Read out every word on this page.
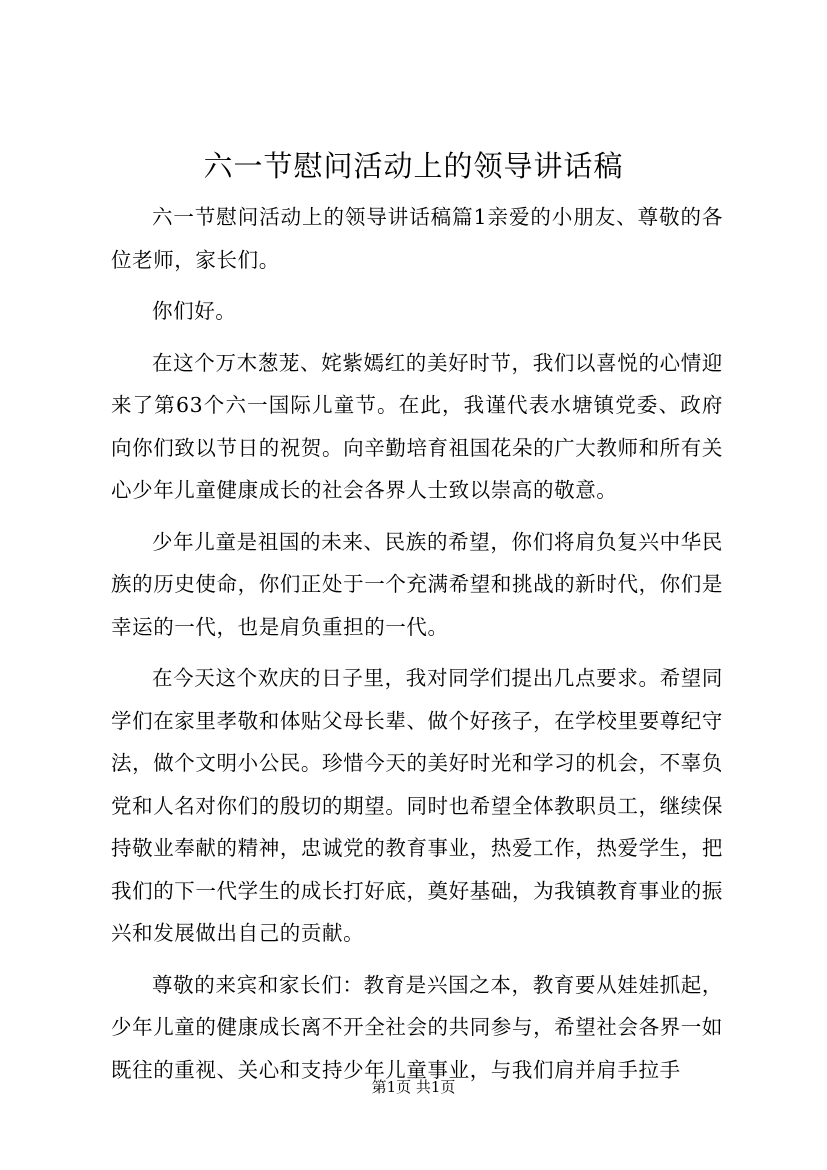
六一节慰问活动上的领导讲话稿

六一节慰问活动上的领导讲话稿篇1亲爱的小朋友、尊敬的各位老师，家长们。

你们好。

在这个万木葱茏、姹紫嫣红的美好时节，我们以喜悦的心情迎来了第63个六一国际儿童节。在此，我谨代表水塘镇党委、政府向你们致以节日的祝贺。向辛勤培育祖国花朵的广大教师和所有关心少年儿童健康成长的社会各界人士致以崇高的敬意。

少年儿童是祖国的未来、民族的希望，你们将肩负复兴中华民族的历史使命，你们正处于一个充满希望和挑战的新时代，你们是幸运的一代，也是肩负重担的一代。

在今天这个欢庆的日子里，我对同学们提出几点要求。希望同学们在家里孝敬和体贴父母长辈、做个好孩子，在学校里要尊纪守法，做个文明小公民。珍惜今天的美好时光和学习的机会，不辜负党和人名对你们的殷切的期望。同时也希望全体教职员工，继续保持敬业奉献的精神，忠诚党的教育事业，热爱工作，热爱学生，把我们的下一代学生的成长打好底，奠好基础，为我镇教育事业的振兴和发展做出自己的贡献。

尊敬的来宾和家长们：教育是兴国之本，教育要从娃娃抓起，少年儿童的健康成长离不开全社会的共同参与，希望社会各界一如既往的重视、关心和支持少年儿童事业，与我们肩并肩手拉手

第1页 共1页
